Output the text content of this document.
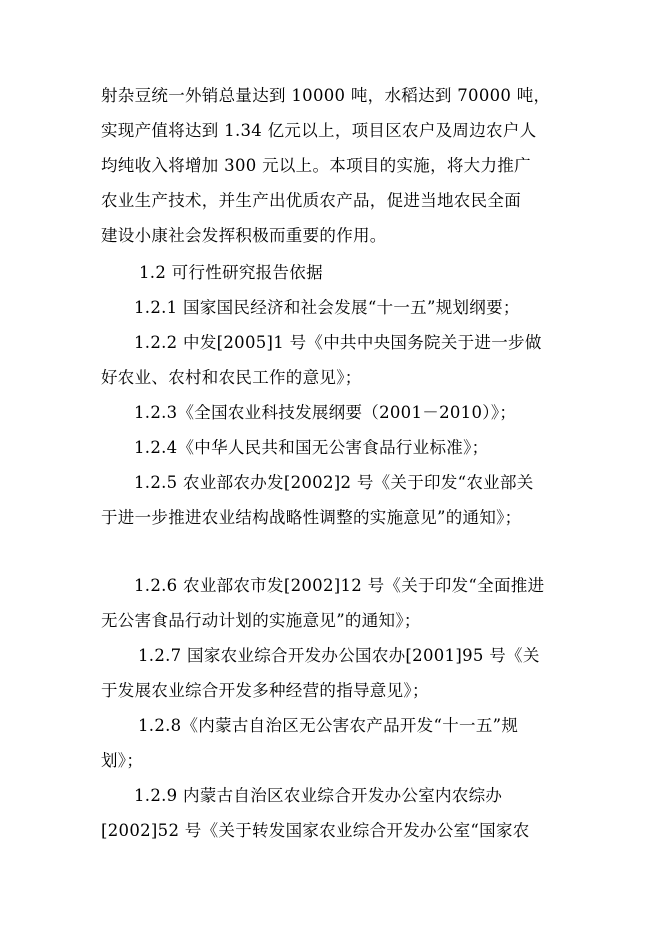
射杂豆统一外销总量达到 10000 吨，水稻达到 70000 吨，
实现产值将达到 1.34 亿元以上，项目区农户及周边农户人
均纯收入将增加 300 元以上。本项目的实施，将大力推广
农业生产技术，并生产出优质农产品，促进当地农民全面
建设小康社会发挥积极而重要的作用。
1.2 可行性研究报告依据
1.2.1 国家国民经济和社会发展“十一五”规划纲要；
1.2.2 中发[2005]1 号《中共中央国务院关于进一步做
好农业、农村和农民工作的意见》；
1.2.3《全国农业科技发展纲要（2001－2010）》；
1.2.4《中华人民共和国无公害食品行业标准》；
1.2.5 农业部农办发[2002]2 号《关于印发“农业部关
于进一步推进农业结构战略性调整的实施意见”的通知》；
1.2.6 农业部农市发[2002]12 号《关于印发“全面推进
无公害食品行动计划的实施意见”的通知》；
1.2.7 国家农业综合开发办公国农办[2001]95 号《关
于发展农业综合开发多种经营的指导意见》；
1.2.8《内蒙古自治区无公害农产品开发“十一五”规
划》；
1.2.9 内蒙古自治区农业综合开发办公室内农综办
[2002]52 号《关于转发国家农业综合开发办公室“国家农
